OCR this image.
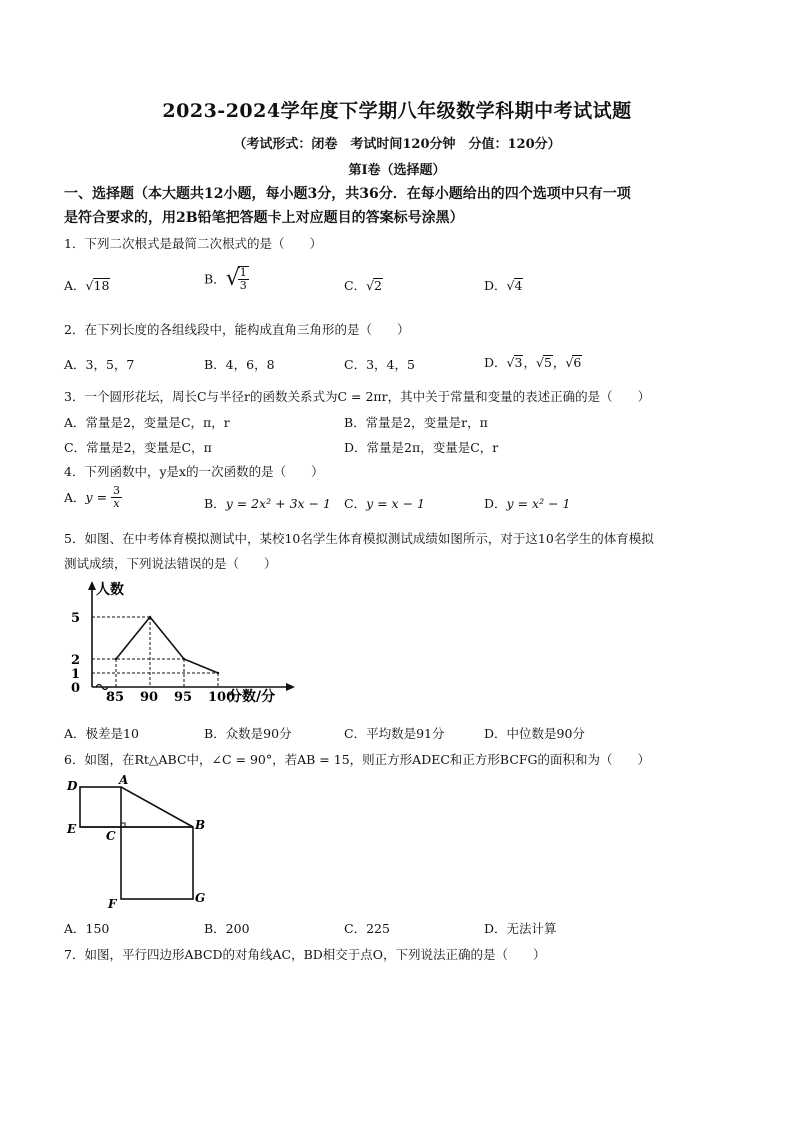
2023-2024学年度下学期八年级数学科期中考试试题
（考试形式：闭卷　考试时间120分钟　分值：120分）
第Ⅰ卷（选择题）
一、选择题（本大题共12小题，每小题3分，共36分．在每小题给出的四个选项中只有一项
是符合要求的，用2B铅笔把答题卡上对应题目的答案标号涂黑）
1．下列二次根式是最简二次根式的是（　　）
A．√18	B．√
$\frac{1}{3}$	C．√2	D．√4
2．在下列长度的各组线段中，能构成直角三角形的是（　　）
A．3，5，7	B．4，6，8	C．3，4，5	D．√3，√5，√6
3．一个圆形花坛，周长C与半径r的函数关系式为C = 2πr，其中关于常量和变量的表述正确的是（　　）
A．常量是2，变量是C，π，r	B．常量是2，变量是r，π
C．常量是2，变量是C，π	D．常量是2π，变量是C，r
4．下列函数中，y是x的一次函数的是（　　）
A．$y = \frac{3}{x}$	B．y = 2x² + 3x − 1 C．y = x − 1	D．y = x² − 1
5．如图、在中考体育模拟测试中，某校10名学生体育模拟测试成绩如图所示，对于这10名学生的体育模拟
测试成绩，下列说法错误的是（　　）
人数
分数/分
0
1
2
5
85 90 95 100
A．极差是10	B．众数是90分	C．平均数是91分	D．中位数是90分
6．如图，在Rt△ABC中，∠C = 90°，若AB = 15，则正方形ADEC和正方形BCFG的面积和为（　　）
D	A
E C
B
F	G
A．150	B．200	C．225	D．无法计算
7．如图，平行四边形ABCD的对角线AC，BD相交于点O，下列说法正确的是（　　）
